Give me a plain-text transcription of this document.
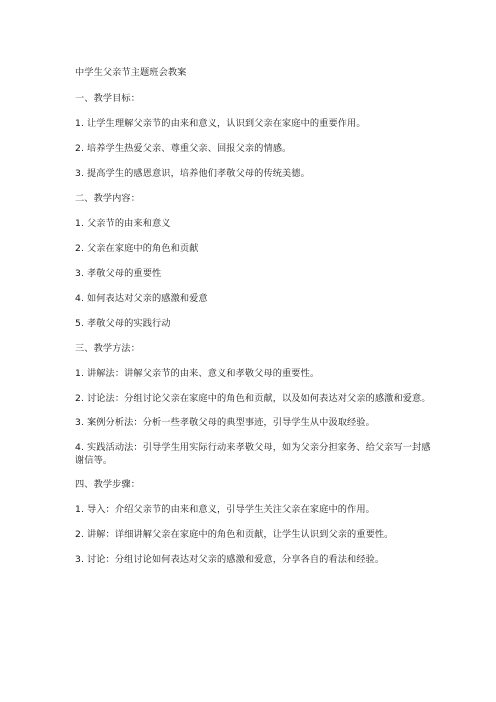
中学生父亲节主题班会教案
一、教学目标：
1. 让学生理解父亲节的由来和意义，认识到父亲在家庭中的重要作用。
2. 培养学生热爱父亲、尊重父亲、回报父亲的情感。
3. 提高学生的感恩意识，培养他们孝敬父母的传统美德。
二、教学内容：
1. 父亲节的由来和意义
2. 父亲在家庭中的角色和贡献
3. 孝敬父母的重要性
4. 如何表达对父亲的感激和爱意
5. 孝敬父母的实践行动
三、教学方法：
1. 讲解法：讲解父亲节的由来、意义和孝敬父母的重要性。
2. 讨论法：分组讨论父亲在家庭中的角色和贡献，以及如何表达对父亲的感激和爱意。
3. 案例分析法：分析一些孝敬父母的典型事迹，引导学生从中汲取经验。
4. 实践活动法：引导学生用实际行动来孝敬父母，如为父亲分担家务、给父亲写一封感谢信等。
四、教学步骤：
1. 导入：介绍父亲节的由来和意义，引导学生关注父亲在家庭中的作用。
2. 讲解：详细讲解父亲在家庭中的角色和贡献，让学生认识到父亲的重要性。
3. 讨论：分组讨论如何表达对父亲的感激和爱意，分享各自的看法和经验。
